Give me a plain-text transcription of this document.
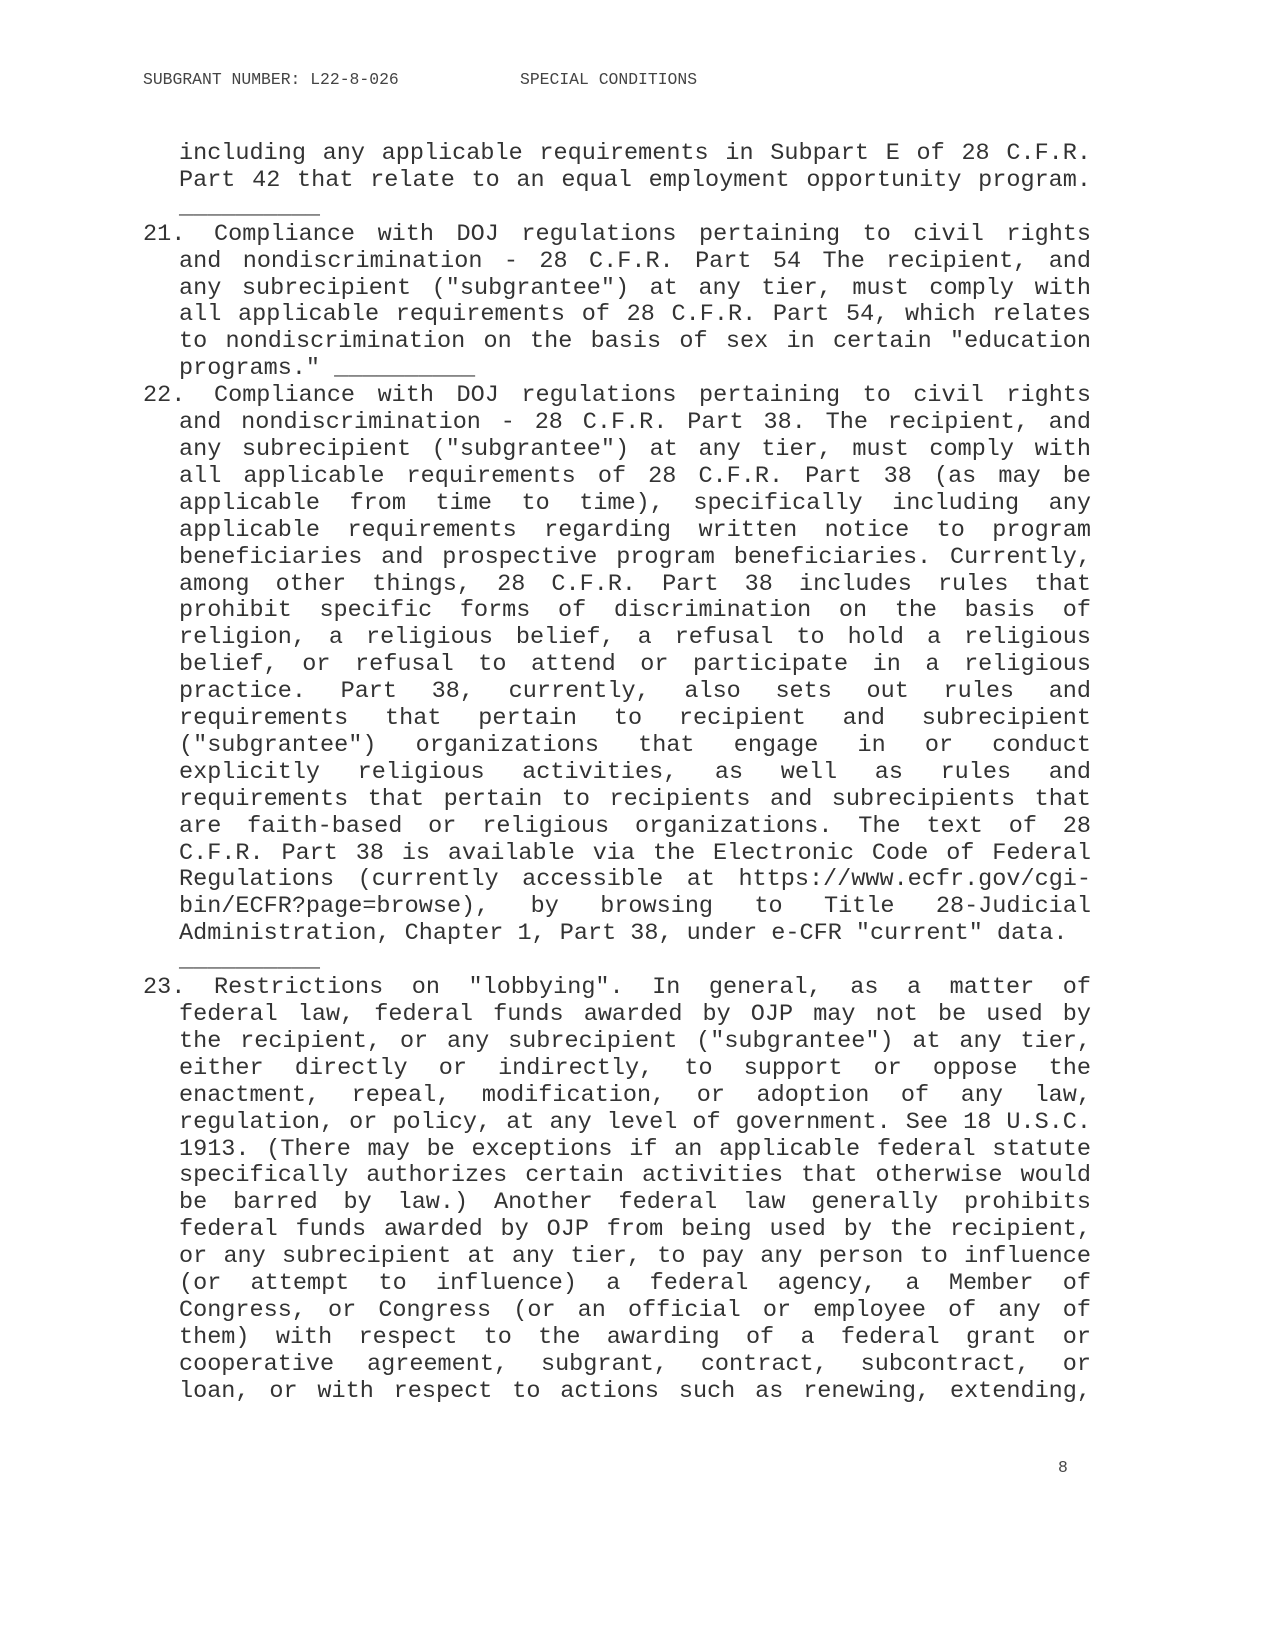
SUBGRANT NUMBER: L22-8-026	SPECIAL CONDITIONS
including any applicable requirements in Subpart E of 28 C.F.R.
Part 42 that relate to an equal employment opportunity program.
__________
21.	Compliance with DOJ regulations pertaining to civil rights
and nondiscrimination - 28 C.F.R. Part 54 The recipient, and
any subrecipient ("subgrantee") at any tier, must comply with
all applicable requirements of 28 C.F.R. Part 54, which relates
to nondiscrimination on the basis of sex in certain "education
programs." __________
22.	Compliance with DOJ regulations pertaining to civil rights
and nondiscrimination - 28 C.F.R. Part 38. The recipient, and
any subrecipient ("subgrantee") at any tier, must comply with
all applicable requirements of 28 C.F.R. Part 38 (as may be
applicable from time to time), specifically including any
applicable requirements regarding written notice to program
beneficiaries and prospective program beneficiaries. Currently,
among other things, 28 C.F.R. Part 38 includes rules that
prohibit specific forms of discrimination on the basis of
religion, a religious belief, a refusal to hold a religious
belief, or refusal to attend or participate in a religious
practice. Part 38, currently, also sets out rules and
requirements that pertain to recipient and subrecipient
("subgrantee") organizations that engage in or conduct
explicitly religious activities, as well as rules and
requirements that pertain to recipients and subrecipients that
are faith-based or religious organizations. The text of 28
C.F.R. Part 38 is available via the Electronic Code of Federal
Regulations (currently accessible at https://www.ecfr.gov/cgi-
bin/ECFR?page=browse), by browsing to Title 28-Judicial
Administration, Chapter 1, Part 38, under e-CFR "current" data.
__________
23.	Restrictions on "lobbying". In general, as a matter of
federal law, federal funds awarded by OJP may not be used by
the recipient, or any subrecipient ("subgrantee") at any tier,
either directly or indirectly, to support or oppose the
enactment, repeal, modification, or adoption of any law,
regulation, or policy, at any level of government. See 18 U.S.C.
1913. (There may be exceptions if an applicable federal statute
specifically authorizes certain activities that otherwise would
be barred by law.) Another federal law generally prohibits
federal funds awarded by OJP from being used by the recipient,
or any subrecipient at any tier, to pay any person to influence
(or attempt to influence) a federal agency, a Member of
Congress, or Congress (or an official or employee of any of
them) with respect to the awarding of a federal grant or
cooperative agreement, subgrant, contract, subcontract, or
loan, or with respect to actions such as renewing, extending,
8
